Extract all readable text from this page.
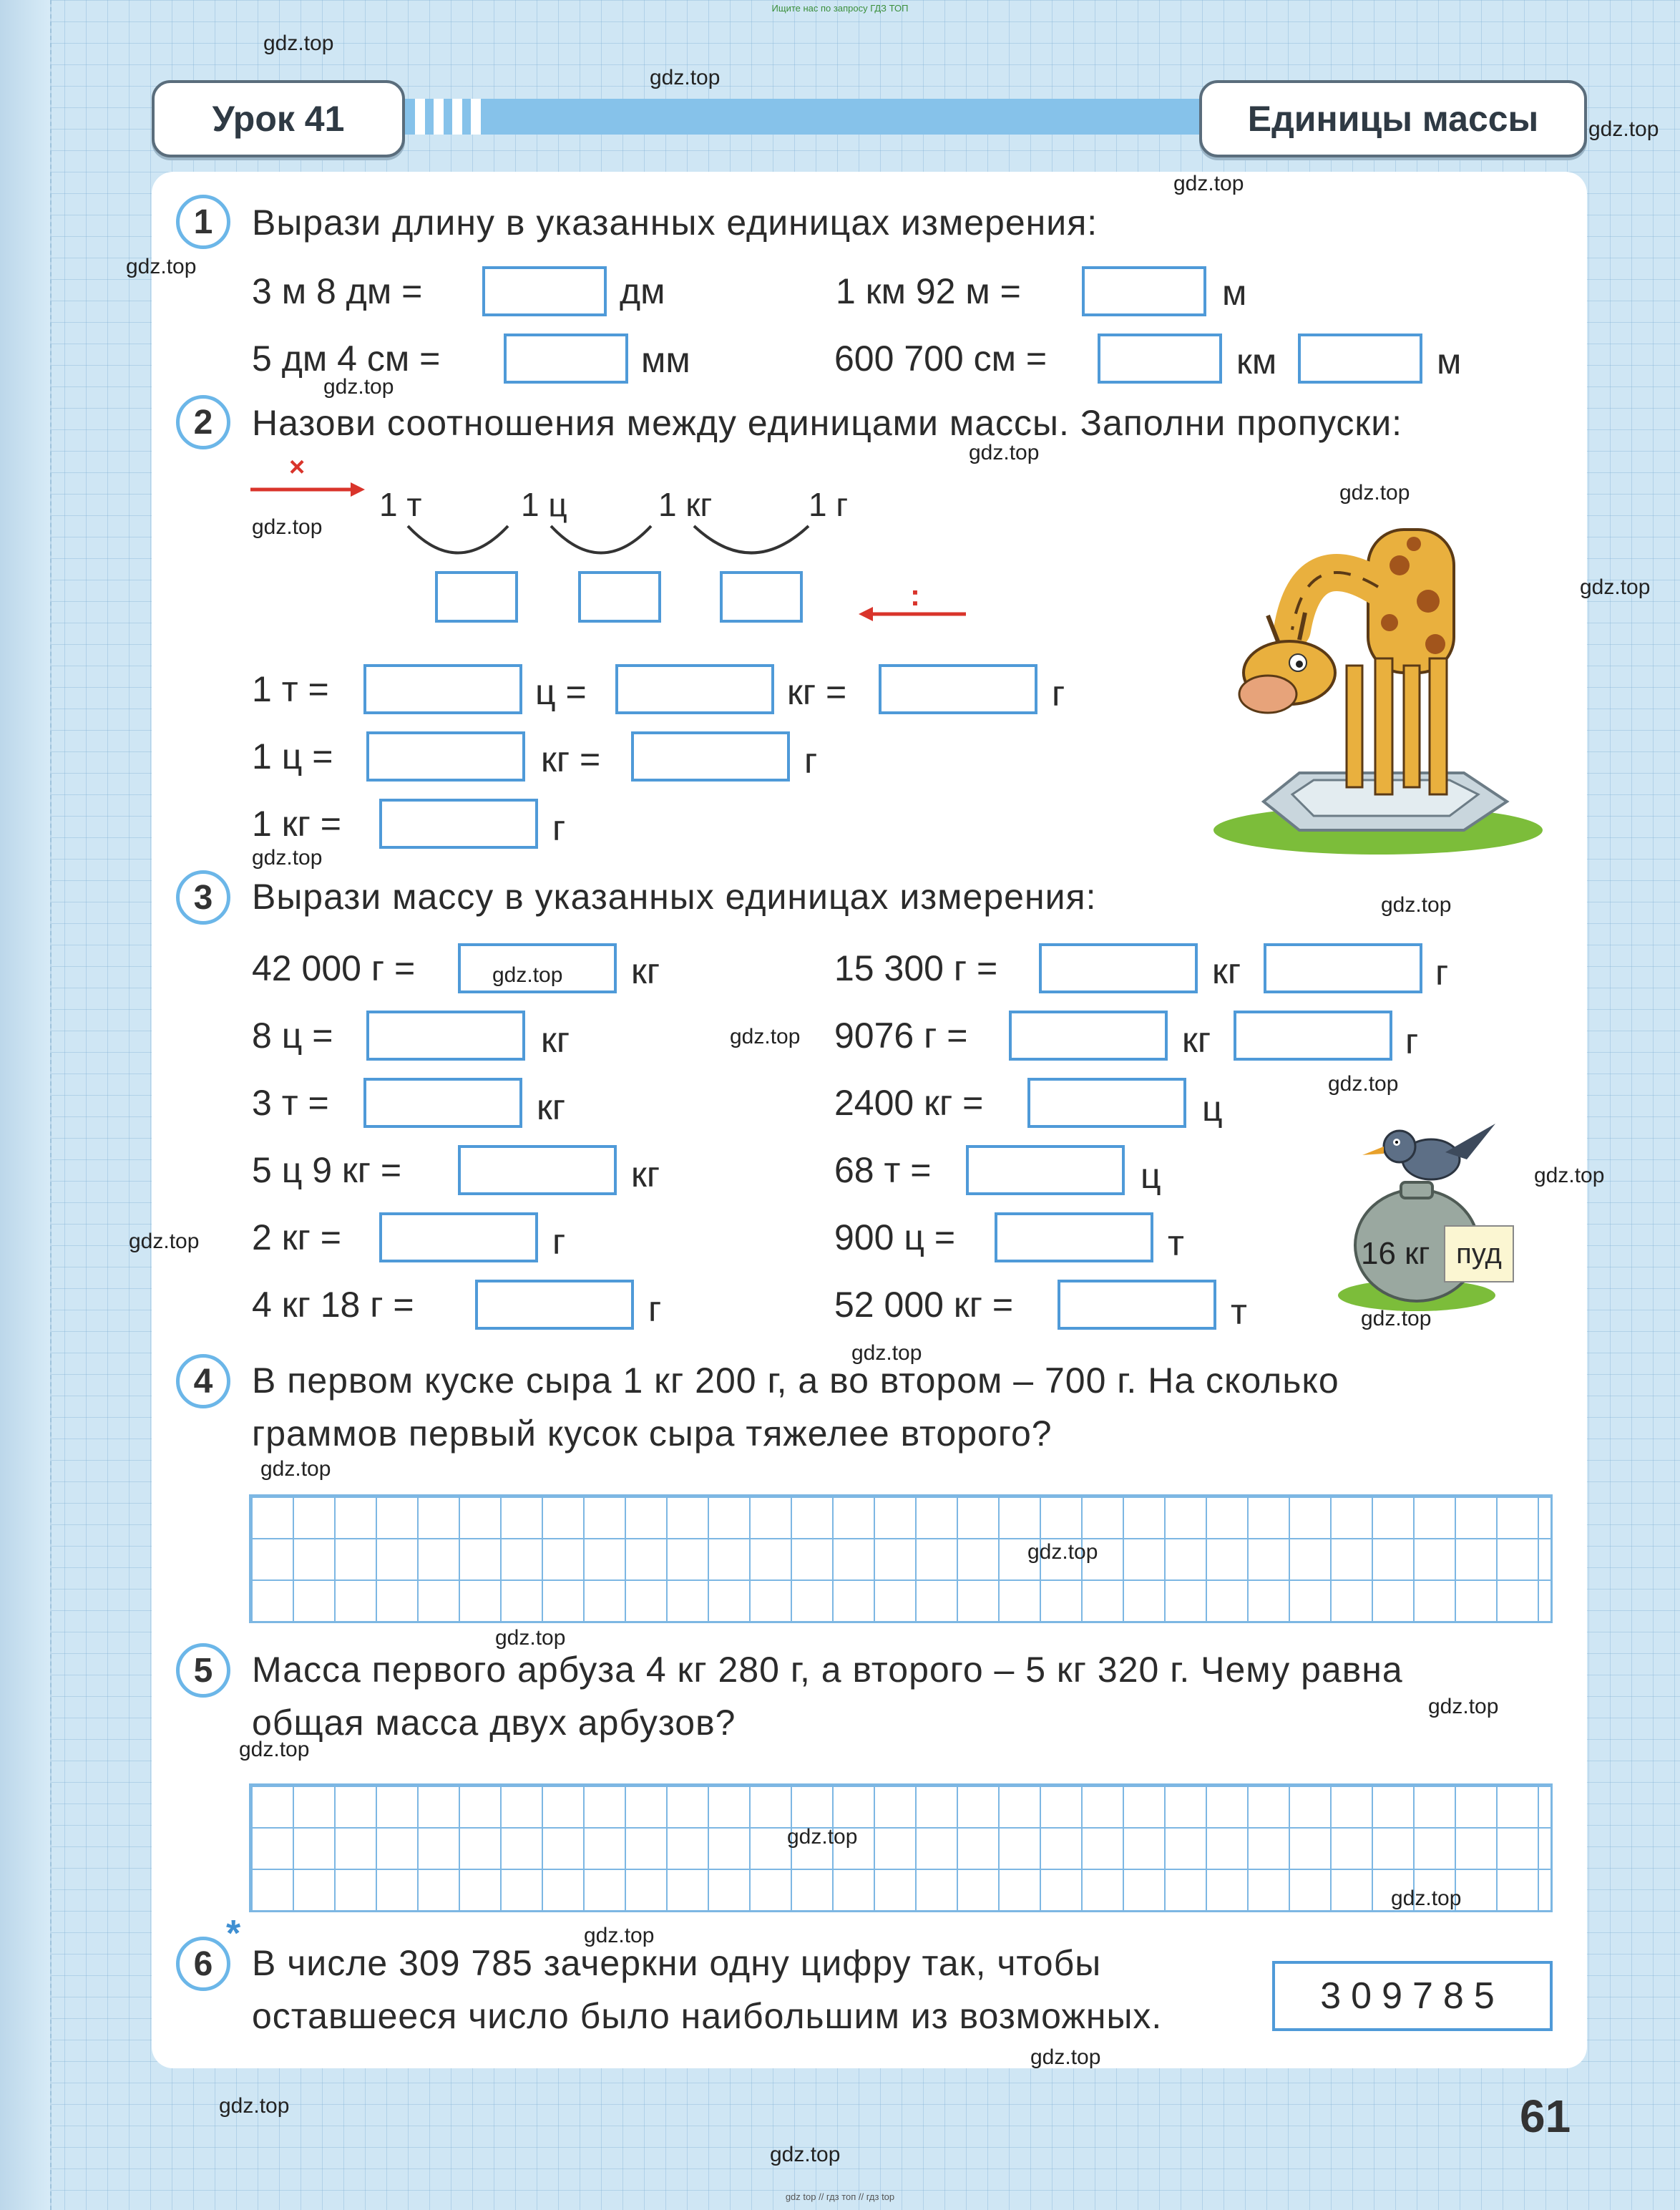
Ищите нас по запросу ГДЗ ТОП
Урок 41	Единицы массы
1	Вырази длину в указанных единицах измерения:
3 м 8 дм =	дм	1 км 92 м =	м
5 дм 4 см =	мм	600 700 см =	км	м
2	Назови соотношения между единицами массы. Заполни пропуски:
×
:
1 т	1 ц	1 кг	1 г
1 т =	ц =	кг =	г
1 ц =	кг =	г
1 кг =	г
3	Вырази массу в указанных единицах измерения:
42 000 г =	кг
8 ц =	кг
3 т =	кг
5 ц 9 кг =	кг
2 кг =	г
4 кг 18 г =	г
15 300 г =	кг	г
9076 г =	кг	г
2400 кг =	ц
68 т =	ц
900 ц =	т
52 000 кг =	т
16 кг пуд
4	В первом куске сыра 1 кг 200 г, а во втором – 700 г. На сколько
граммов первый кусок сыра тяжелее второго?
5	Масса первого арбуза 4 кг 280 г, а второго – 5 кг 320 г. Чему равна
общая масса двух арбузов?
*
6	В числе 309 785 зачеркни одну цифру так, чтобы
оставшееся число было наибольшим из возможных.	309785
61
gdz.top
gdz.top
gdz.top
gdz.top
gdz.top
gdz.top
gdz.top
gdz.top
gdz.top
gdz.top
gdz.top
gdz.top
gdz.top
gdz.top
gdz.top
gdz.top
gdz.top
gdz.top
gdz.top
gdz.top
gdz.top
gdz.top
gdz.top
gdz.top
gdz.top
gdz.top
gdz.top
gdz.top
gdz.top
gdz.top
gdz top // гдз топ // гдз top
